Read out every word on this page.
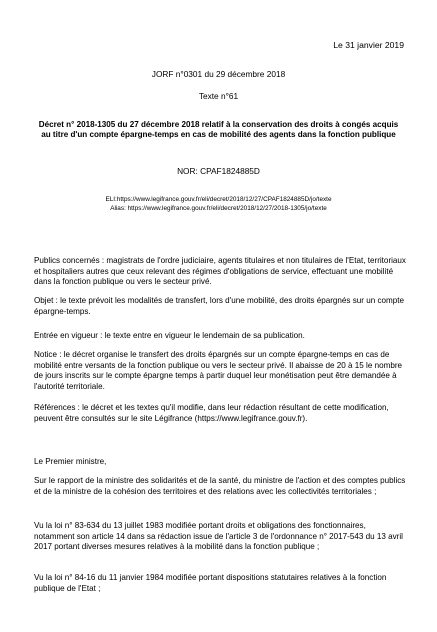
Le 31 janvier 2019
JORF n°0301 du 29 décembre 2018
Texte n°61
Décret n° 2018-1305 du 27 décembre 2018 relatif à la conservation des droits à congés acquis au titre d'un compte épargne-temps en cas de mobilité des agents dans la fonction publique
NOR: CPAF1824885D
ELI:https://www.legifrance.gouv.fr/eli/decret/2018/12/27/CPAF1824885D/jo/texte
Alias: https://www.legifrance.gouv.fr/eli/decret/2018/12/27/2018-1305/jo/texte

Publics concernés : magistrats de l'ordre judiciaire, agents titulaires et non titulaires de l'Etat, territoriaux et hospitaliers autres que ceux relevant des régimes d'obligations de service, effectuant une mobilité dans la fonction publique ou vers le secteur privé.

Objet : le texte prévoit les modalités de transfert, lors d'une mobilité, des droits épargnés sur un compte épargne-temps.

Entrée en vigueur : le texte entre en vigueur le lendemain de sa publication.

Notice : le décret organise le transfert des droits épargnés sur un compte épargne-temps en cas de mobilité entre versants de la fonction publique ou vers le secteur privé. Il abaisse de 20 à 15 le nombre de jours inscrits sur le compte épargne temps à partir duquel leur monétisation peut être demandée à l'autorité territoriale.

Références : le décret et les textes qu'il modifie, dans leur rédaction résultant de cette modification, peuvent être consultés sur le site Légifrance (https://www.legifrance.gouv.fr).

Le Premier ministre,

Sur le rapport de la ministre des solidarités et de la santé, du ministre de l'action et des comptes publics et de la ministre de la cohésion des territoires et des relations avec les collectivités territoriales ;

Vu la loi n° 83-634 du 13 juillet 1983 modifiée portant droits et obligations des fonctionnaires, notamment son article 14 dans sa rédaction issue de l'article 3 de l'ordonnance n° 2017-543 du 13 avril 2017 portant diverses mesures relatives à la mobilité dans la fonction publique ;

Vu la loi n° 84-16 du 11 janvier 1984 modifiée portant dispositions statutaires relatives à la fonction publique de l'Etat ;
